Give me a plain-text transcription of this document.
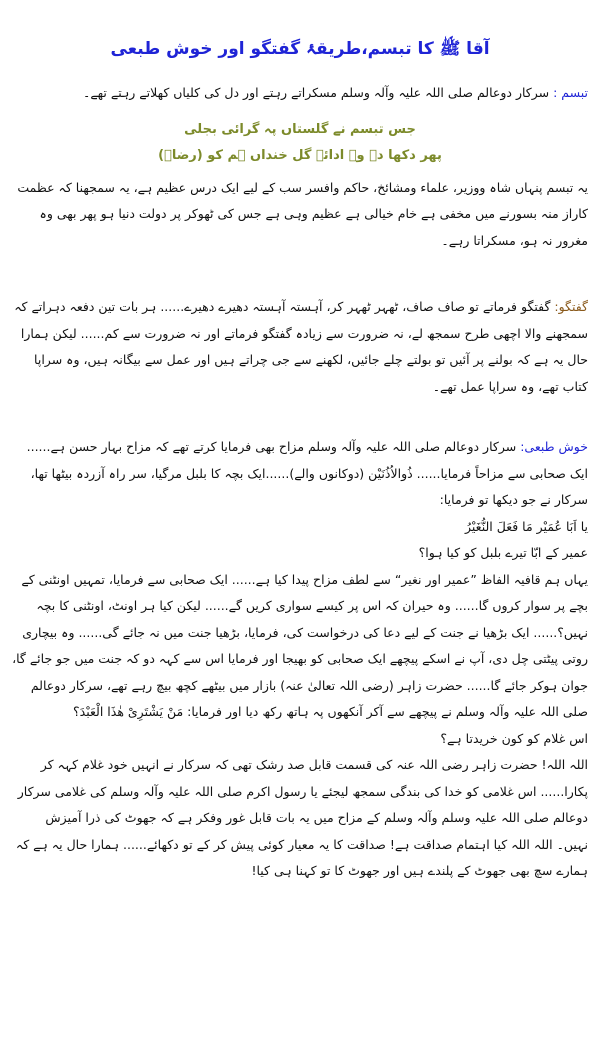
آقا ﷺ کا تبسم،طریقۂ گفتگو اور خوش طبعی

تبسم : سرکار دوعالم صلی اللہ علیہ وآلہ وسلم مسکراتے رہتے اور دل کی کلیاں کھلاتے رہتے تھے۔

جس تبسم نے گلستاں پہ گرائی بجلی
پھر دکھا دے وہ ادائے گل خنداں ہم کو (رضاؔ)

یہ تبسم پنہاں شاہ ووزیر، علماء ومشائخ، حاکم وافسر سب کے لیے ایک درس عظیم ہے، یہ سمجھنا کہ عظمت کاراز منہ بسورنے میں مخفی ہے خام خیالی ہے عظیم وہی ہے جس کی ٹھوکر پر دولت دنیا ہو پھر بھی وہ مغرور نہ ہو، مسکراتا رہے۔

گفتگو: گفتگو فرماتے تو صاف صاف، ٹھہر ٹھہر کر، آہستہ آہستہ دھیرے دھیرے...... ہر بات تین دفعہ دہراتے کہ سمجھنے والا اچھی طرح سمجھ لے، نہ ضرورت سے زیادہ گفتگو فرماتے اور نہ ضرورت سے کم...... لیکن ہمارا حال یہ ہے کہ بولنے پر آئیں تو بولتے چلے جائیں، لکھنے سے جی چراتے ہیں اور عمل سے بیگانہ ہیں، وہ سراپا کتاب تھے، وہ سراپا عمل تھے۔

خوش طبعی: سرکار دوعالم صلی اللہ علیہ وآلہ وسلم مزاح بھی فرمایا کرتے تھے کہ مزاح بہار حسن ہے...... ایک صحابی سے مزاحاً فرمایا...... ذُوالاُذُنَیْن (دوکانوں والے)......ایک بچہ کا بلبل مرگیا، سر راہ آزردہ بیٹھا تھا، سرکار نے جو دیکھا تو فرمایا:

یا اَبَا عُمَیْر مَا فَعَلَ النُّغَیْرُ
عمیر کے ابّا تیرے بلبل کو کیا ہوا؟

یہاں ہم قافیہ الفاظ ”عمیر اور نغیر“ سے لطف مزاح پیدا کیا ہے...... ایک صحابی سے فرمایا، تمہیں اونٹنی کے بچے پر سوار کروں گا...... وہ حیران کہ اس پر کیسے سواری کریں گے...... لیکن کیا ہر اونٹ، اونٹنی کا بچہ نہیں؟...... ایک بڑھیا نے جنت کے لیے دعا کی درخواست کی، فرمایا، بڑھیا جنت میں نہ جائے گی...... وہ بیچاری روتی پیٹتی چل دی، آپ نے اسکے پیچھے ایک صحابی کو بھیجا اور فرمایا اس سے کہہ دو کہ جنت میں جو جائے گا، جوان ہوکر جائے گا...... حضرت زاہر (رضی اللہ تعالیٰ عنہ) بازار میں بیٹھے کچھ بیچ رہے تھے، سرکار دوعالم صلی اللہ علیہ وآلہ وسلم نے پیچھے سے آکر آنکھوں پہ ہاتھ رکھ دیا اور فرمایا: مَنْ یَشْتَرِیْ ھٰذَا الْعَبْدَ؟

اس غلام کو کون خریدتا ہے؟

اللہ اللہ! حضرت زاہر رضی اللہ عنہ کی قسمت قابل صد رشک تھی کہ سرکار نے انہیں خود غلام کہہ کر پکارا...... اس غلامی کو خدا کی بندگی سمجھ لیجئے یا رسول اکرم صلی اللہ علیہ وآلہ وسلم کی غلامی سرکار دوعالم صلی اللہ علیہ وسلم وآلہ وسلم کے مزاح میں یہ بات قابل غور وفکر ہے کہ جھوٹ کی ذرا آمیزش نہیں۔ اللہ اللہ کیا اہتمام صداقت ہے! صداقت کا یہ معیار کوئی پیش کر کے تو دکھائے...... ہمارا حال یہ ہے کہ ہمارے سچ بھی جھوٹ کے پلندے ہیں اور جھوٹ کا تو کہنا ہی کیا!
